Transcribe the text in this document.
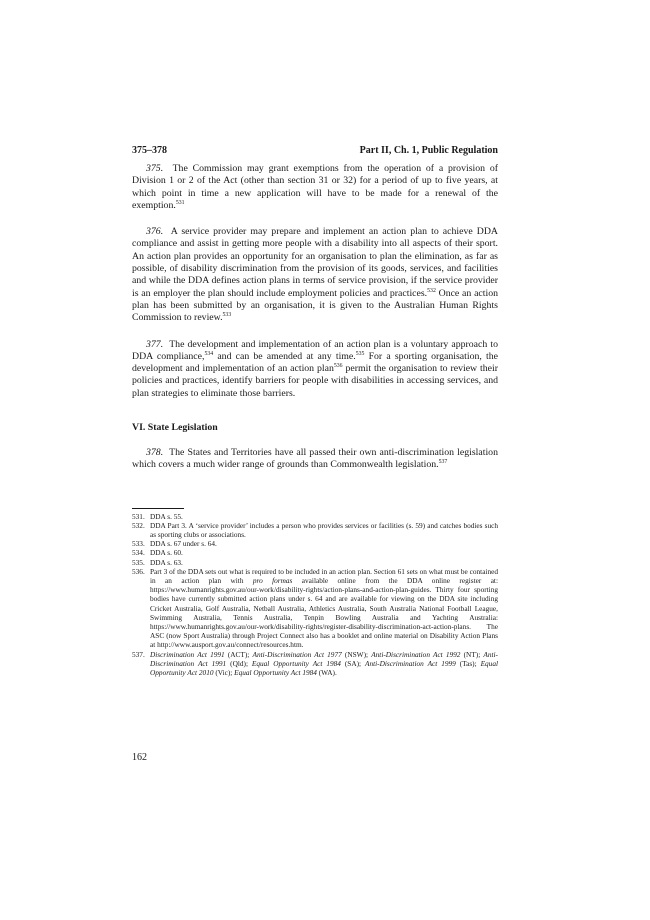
375–378	Part II, Ch. 1, Public Regulation

375. The Commission may grant exemptions from the operation of a provision of Division 1 or 2 of the Act (other than section 31 or 32) for a period of up to five years, at which point in time a new application will have to be made for a renewal of the exemption.$^{531}$

376. A service provider may prepare and implement an action plan to achieve DDA compliance and assist in getting more people with a disability into all aspects of their sport. An action plan provides an opportunity for an organisation to plan the elimination, as far as possible, of disability discrimination from the provision of its goods, services, and facilities and while the DDA defines action plans in terms of service provision, if the service provider is an employer the plan should include employment policies and practices.$^{532}$ Once an action plan has been submitted by an organisation, it is given to the Australian Human Rights Commission to review.$^{533}$

377. The development and implementation of an action plan is a voluntary approach to DDA compliance,$^{534}$ and can be amended at any time.$^{535}$ For a sporting organisation, the development and implementation of an action plan$^{536}$ permit the organisation to review their policies and practices, identify barriers for people with disabilities in accessing services, and plan strategies to eliminate those barriers.

VI. State Legislation

378. The States and Territories have all passed their own anti-discrimination legislation which covers a much wider range of grounds than Commonwealth legislation.$^{537}$

531. DDA s. 55.
532. DDA Part 3. A ‘service provider’ includes a person who provides services or facilities (s. 59) and catches bodies such as sporting clubs or associations.
533. DDA s. 67 under s. 64.
534. DDA s. 60.
535. DDA s. 63.
536. Part 3 of the DDA sets out what is required to be included in an action plan. Section 61 sets on what must be contained in an action plan with pro formas available online from the DDA online register at: https://www.humanrights.gov.au/our-work/disability-rights/action-plans-and-action-plan-guides. Thirty four sporting bodies have currently submitted action plans under s. 64 and are available for viewing on the DDA site including Cricket Australia, Golf Australia, Netball Australia, Athletics Australia, South Australia National Football League, Swimming Australia, Tennis Australia, Tenpin Bowling Australia and Yachting Australia: https://www.humanrights.gov.au/our-work/disability-rights/register-disability-discrimination-act-action-plans. The ASC (now Sport Australia) through Project Connect also has a booklet and online material on Disability Action Plans at http://www.ausport.gov.au/connect/resources.htm.
537. Discrimination Act 1991 (ACT); Anti-Discrimination Act 1977 (NSW); Anti-Discrimination Act 1992 (NT); Anti-Discrimination Act 1991 (Qld); Equal Opportunity Act 1984 (SA); Anti-Discrimination Act 1999 (Tas); Equal Opportunity Act 2010 (Vic); Equal Opportunity Act 1984 (WA).
162
